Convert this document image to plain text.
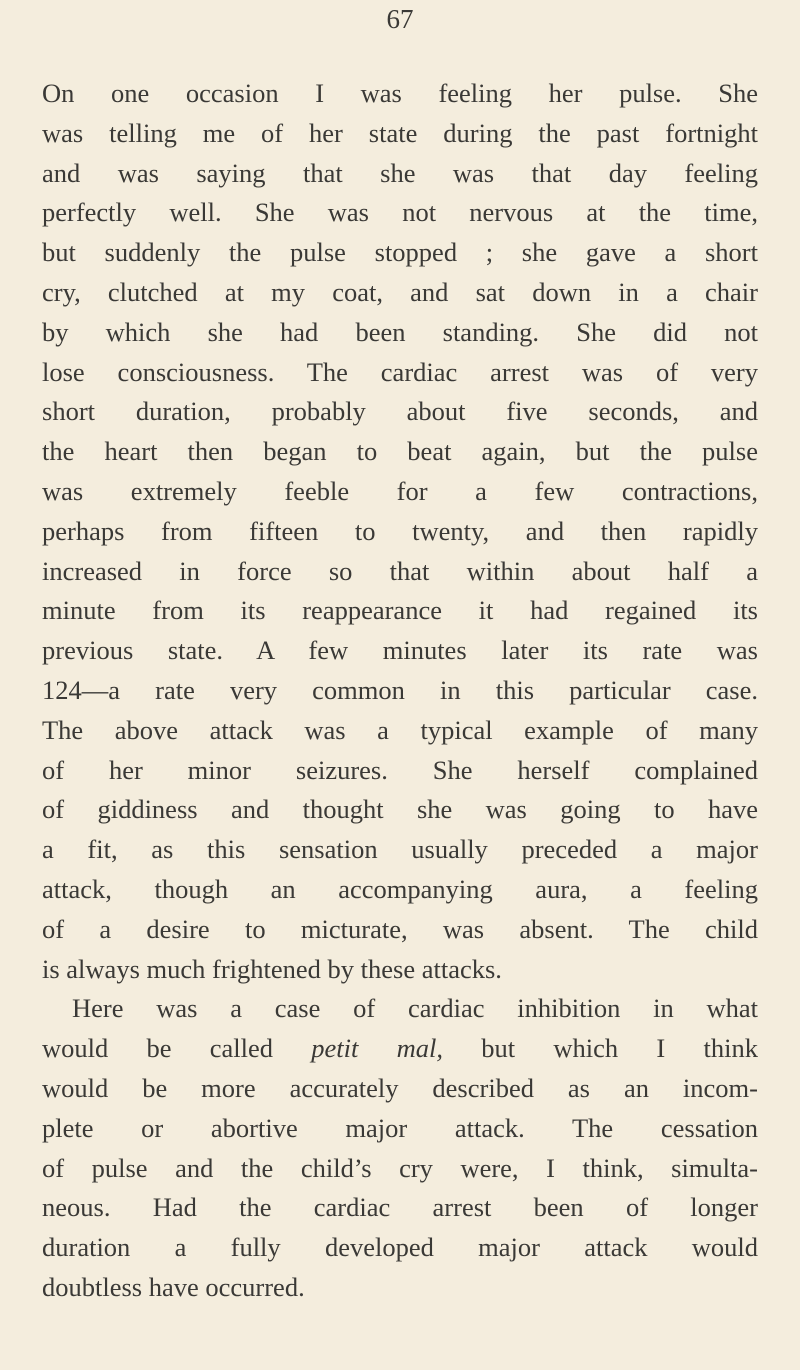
67
On one occasion I was feeling her pulse. She
was telling me of her state during the past fortnight
and was saying that she was that day feeling
perfectly well. She was not nervous at the time,
but suddenly the pulse stopped ; she gave a short
cry, clutched at my coat, and sat down in a chair
by which she had been standing. She did not
lose consciousness. The cardiac arrest was of very
short duration, probably about five seconds, and
the heart then began to beat again, but the pulse
was extremely feeble for a few contractions,
perhaps from fifteen to twenty, and then rapidly
increased in force so that within about half a
minute from its reappearance it had regained its
previous state. A few minutes later its rate was
124—a rate very common in this particular case.
The above attack was a typical example of many
of her minor seizures. She herself complained
of giddiness and thought she was going to have
a fit, as this sensation usually preceded a major
attack, though an accompanying aura, a feeling
of a desire to micturate, was absent. The child
is always much frightened by these attacks.
Here was a case of cardiac inhibition in what
would be called petit mal, but which I think
would be more accurately described as an incom-
plete or abortive major attack. The cessation
of pulse and the child’s cry were, I think, simulta-
neous. Had the cardiac arrest been of longer
duration a fully developed major attack would
doubtless have occurred.
